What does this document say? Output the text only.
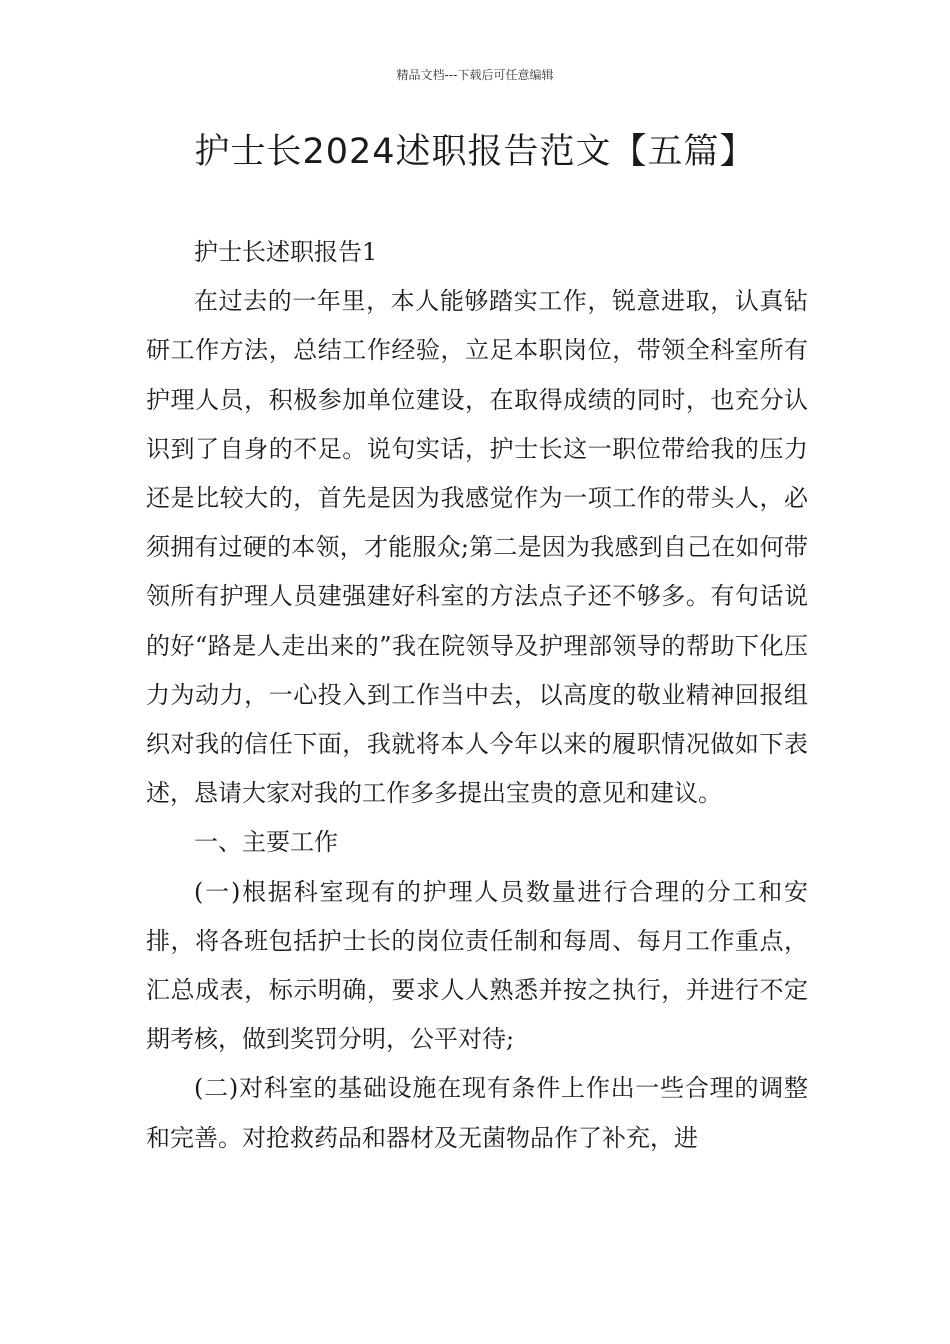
精品文档---下载后可任意编辑
护士长2024述职报告范文【五篇】

护士长述职报告1

在过去的一年里，本人能够踏实工作，锐意进取，认真钻研工作方法，总结工作经验，立足本职岗位，带领全科室所有护理人员，积极参加单位建设，在取得成绩的同时，也充分认识到了自身的不足。说句实话，护士长这一职位带给我的压力还是比较大的，首先是因为我感觉作为一项工作的带头人，必须拥有过硬的本领，才能服众;第二是因为我感到自己在如何带领所有护理人员建强建好科室的方法点子还不够多。有句话说的好“路是人走出来的”我在院领导及护理部领导的帮助下化压力为动力，一心投入到工作当中去，以高度的敬业精神回报组织对我的信任下面，我就将本人今年以来的履职情况做如下表述，恳请大家对我的工作多多提出宝贵的意见和建议。

一、主要工作

(一)根据科室现有的护理人员数量进行合理的分工和安排，将各班包括护士长的岗位责任制和每周、每月工作重点，汇总成表，标示明确，要求人人熟悉并按之执行，并进行不定期考核，做到奖罚分明，公平对待;

(二)对科室的基础设施在现有条件上作出一些合理的调整和完善。对抢救药品和器材及无菌物品作了补充，进
